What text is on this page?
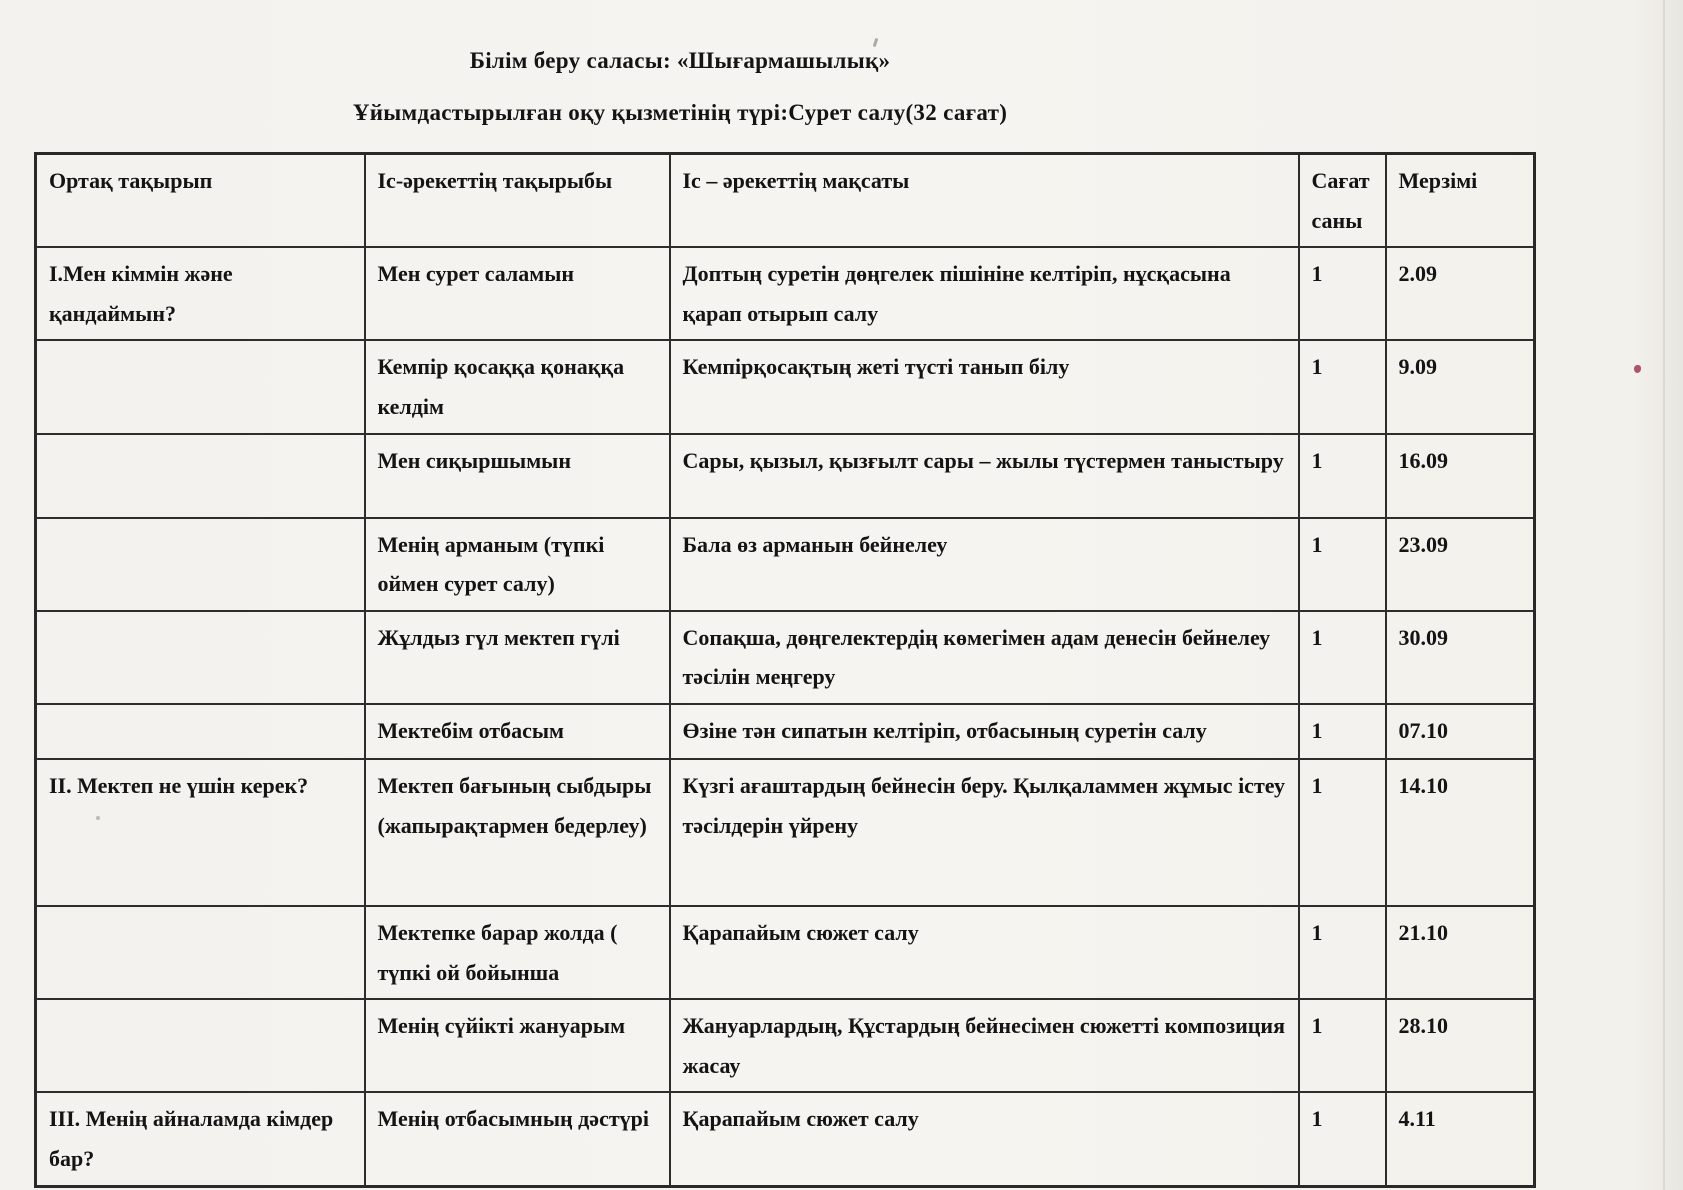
Білім беру саласы: «Шығармашылық»

Ұйымдастырылған оқу қызметінің түрі:Сурет салу(32 сағат)

Ортақ тақырып	Іс-әрекеттің тақырыбы	Іс – әрекеттің мақсаты	Сағат саны	Мерзімі
І.Мен кіммін және қандаймын?	Мен сурет саламын	Доптың суретін дөңгелек пішініне келтіріп, нұсқасына қарап отырып салу	1	2.09
	Кемпір қосаққа қонаққа келдім	Кемпірқосақтың жеті түсті танып білу	1	9.09
	Мен сиқыршымын	Сары, қызыл, қызғылт сары – жылы түстермен таныстыру	1	16.09
	Менің арманым (түпкі оймен сурет салу)	Бала өз арманын бейнелеу	1	23.09
	Жұлдыз гүл мектеп гүлі	Сопақша, дөңгелектердің көмегімен адам денесін бейнелеу тәсілін меңгеру	1	30.09
	Мектебім отбасым	Өзіне тән сипатын келтіріп, отбасының суретін салу	1	07.10
ІІ. Мектеп не үшін керек?	Мектеп бағының сыбдыры (жапырақтармен бедерлеу)	Күзгі ағаштардың бейнесін беру. Қылқаламмен жұмыс істеу тәсілдерін үйрену	1	14.10
	Мектепке барар жолда ( түпкі ой бойынша	Қарапайым сюжет салу	1	21.10
	Менің сүйікті жануарым	Жануарлардың, Құстардың бейнесімен сюжетті композиция жасау	1	28.10
ІІІ. Менің айналамда кімдер бар?	Менің отбасымның дәстүрі	Қарапайым сюжет салу	1	4.11
